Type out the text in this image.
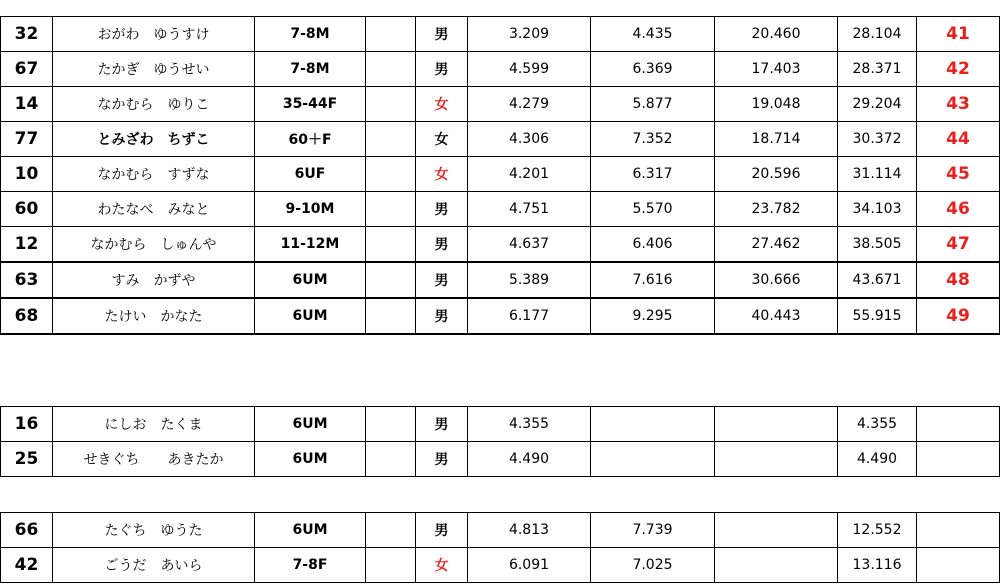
32	おがわ　ゆうすけ	7-8M		男	3.209	4.435	20.460	28.104	41
67	たかぎ　ゆうせい	7-8M		男	4.599	6.369	17.403	28.371	42
14	なかむら　ゆりこ	35-44F		女	4.279	5.877	19.048	29.204	43
77	とみざわ　ちずこ	60＋F		女	4.306	7.352	18.714	30.372	44
10	なかむら　すずな	6UF		女	4.201	6.317	20.596	31.114	45
60	わたなべ　みなと	9-10M		男	4.751	5.570	23.782	34.103	46
12	なかむら　しゅんや	11-12M		男	4.637	6.406	27.462	38.505	47
63	すみ　かずや	6UM		男	5.389	7.616	30.666	43.671	48
68	たけい　かなた	6UM		男	6.177	9.295	40.443	55.915	49
16	にしお　たくま	6UM		男	4.355			4.355	
25	せきぐち　　あきたか	6UM		男	4.490			4.490	
66	たぐち　ゆうた	6UM		男	4.813	7.739		12.552	
42	ごうだ　あいら	7-8F		女	6.091	7.025		13.116	
